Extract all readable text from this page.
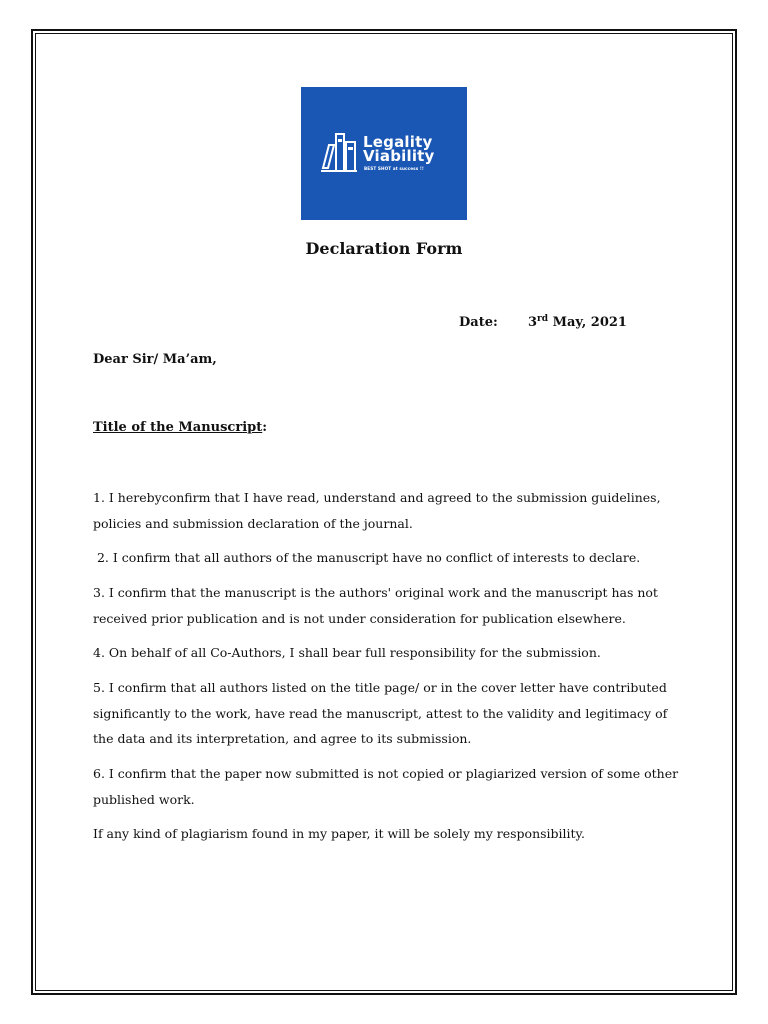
Legality
Viability
BEST SHOT at success !!
Declaration Form
Date: 3rd May, 2021
Dear Sir/ Ma’am,
Title of the Manuscript:

1. I herebyconfirm that I have read, understand and agreed to the submission guidelines, policies and submission declaration of the journal.

2. I confirm that all authors of the manuscript have no conflict of interests to declare.

3. I confirm that the manuscript is the authors' original work and the manuscript has not received prior publication and is not under consideration for publication elsewhere.

4. On behalf of all Co-Authors, I shall bear full responsibility for the submission.

5. I confirm that all authors listed on the title page/ or in the cover letter have contributed significantly to the work, have read the manuscript, attest to the validity and legitimacy of the data and its interpretation, and agree to its submission.

6. I confirm that the paper now submitted is not copied or plagiarized version of some other published work.

If any kind of plagiarism found in my paper, it will be solely my responsibility.
